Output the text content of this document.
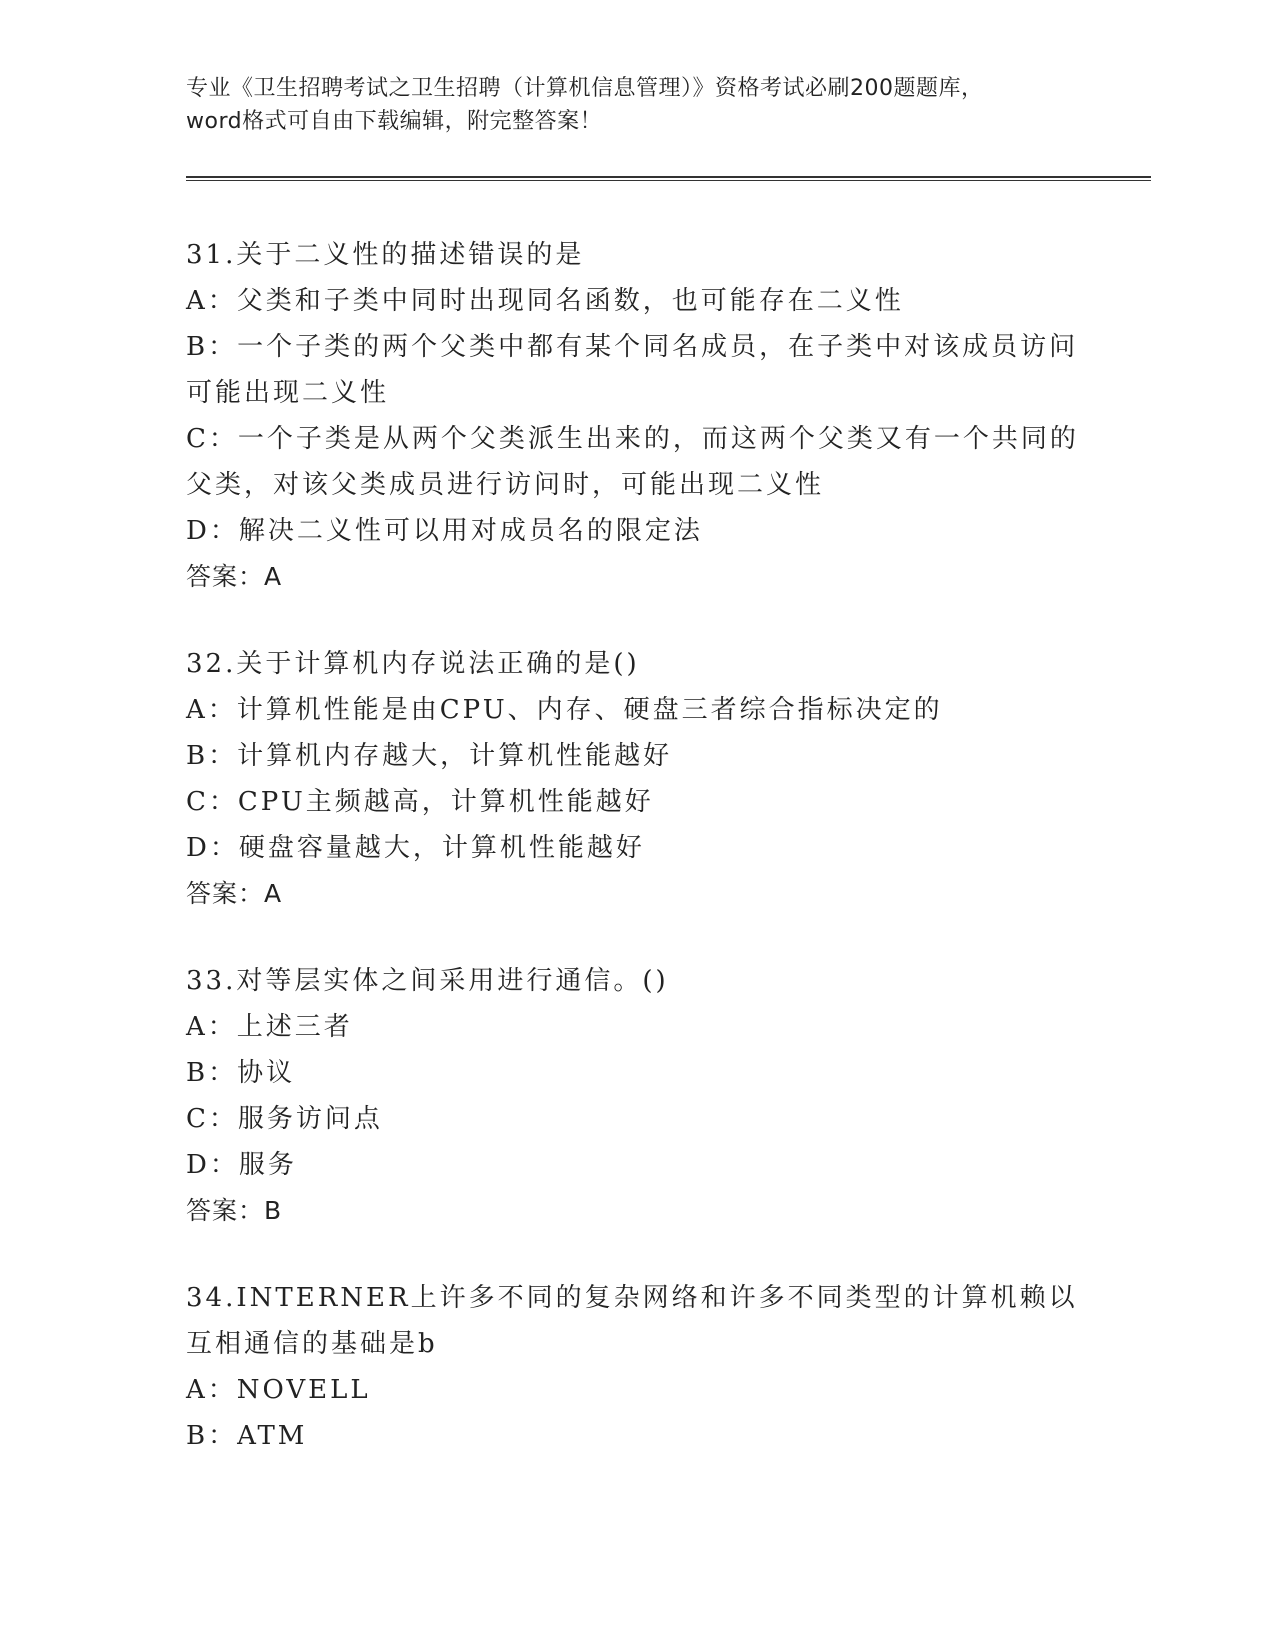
专业《卫生招聘考试之卫生招聘（计算机信息管理）》资格考试必刷200题题库，
word格式可自由下载编辑，附完整答案！
31.关于二义性的描述错误的是
A：父类和子类中同时出现同名函数，也可能存在二义性
B：一个子类的两个父类中都有某个同名成员，在子类中对该成员访问可能出现二义性
C：一个子类是从两个父类派生出来的，而这两个父类又有一个共同的父类，对该父类成员进行访问时，可能出现二义性
D：解决二义性可以用对成员名的限定法
答案：A
32.关于计算机内存说法正确的是()
A：计算机性能是由CPU、内存、硬盘三者综合指标决定的
B：计算机内存越大，计算机性能越好
C：CPU主频越高，计算机性能越好
D：硬盘容量越大，计算机性能越好
答案：A
33.对等层实体之间采用进行通信。()
A：上述三者
B：协议
C：服务访问点
D：服务
答案：B
34.INTERNER上许多不同的复杂网络和许多不同类型的计算机赖以互相通信的基础是b
A：NOVELL
B：ATM
